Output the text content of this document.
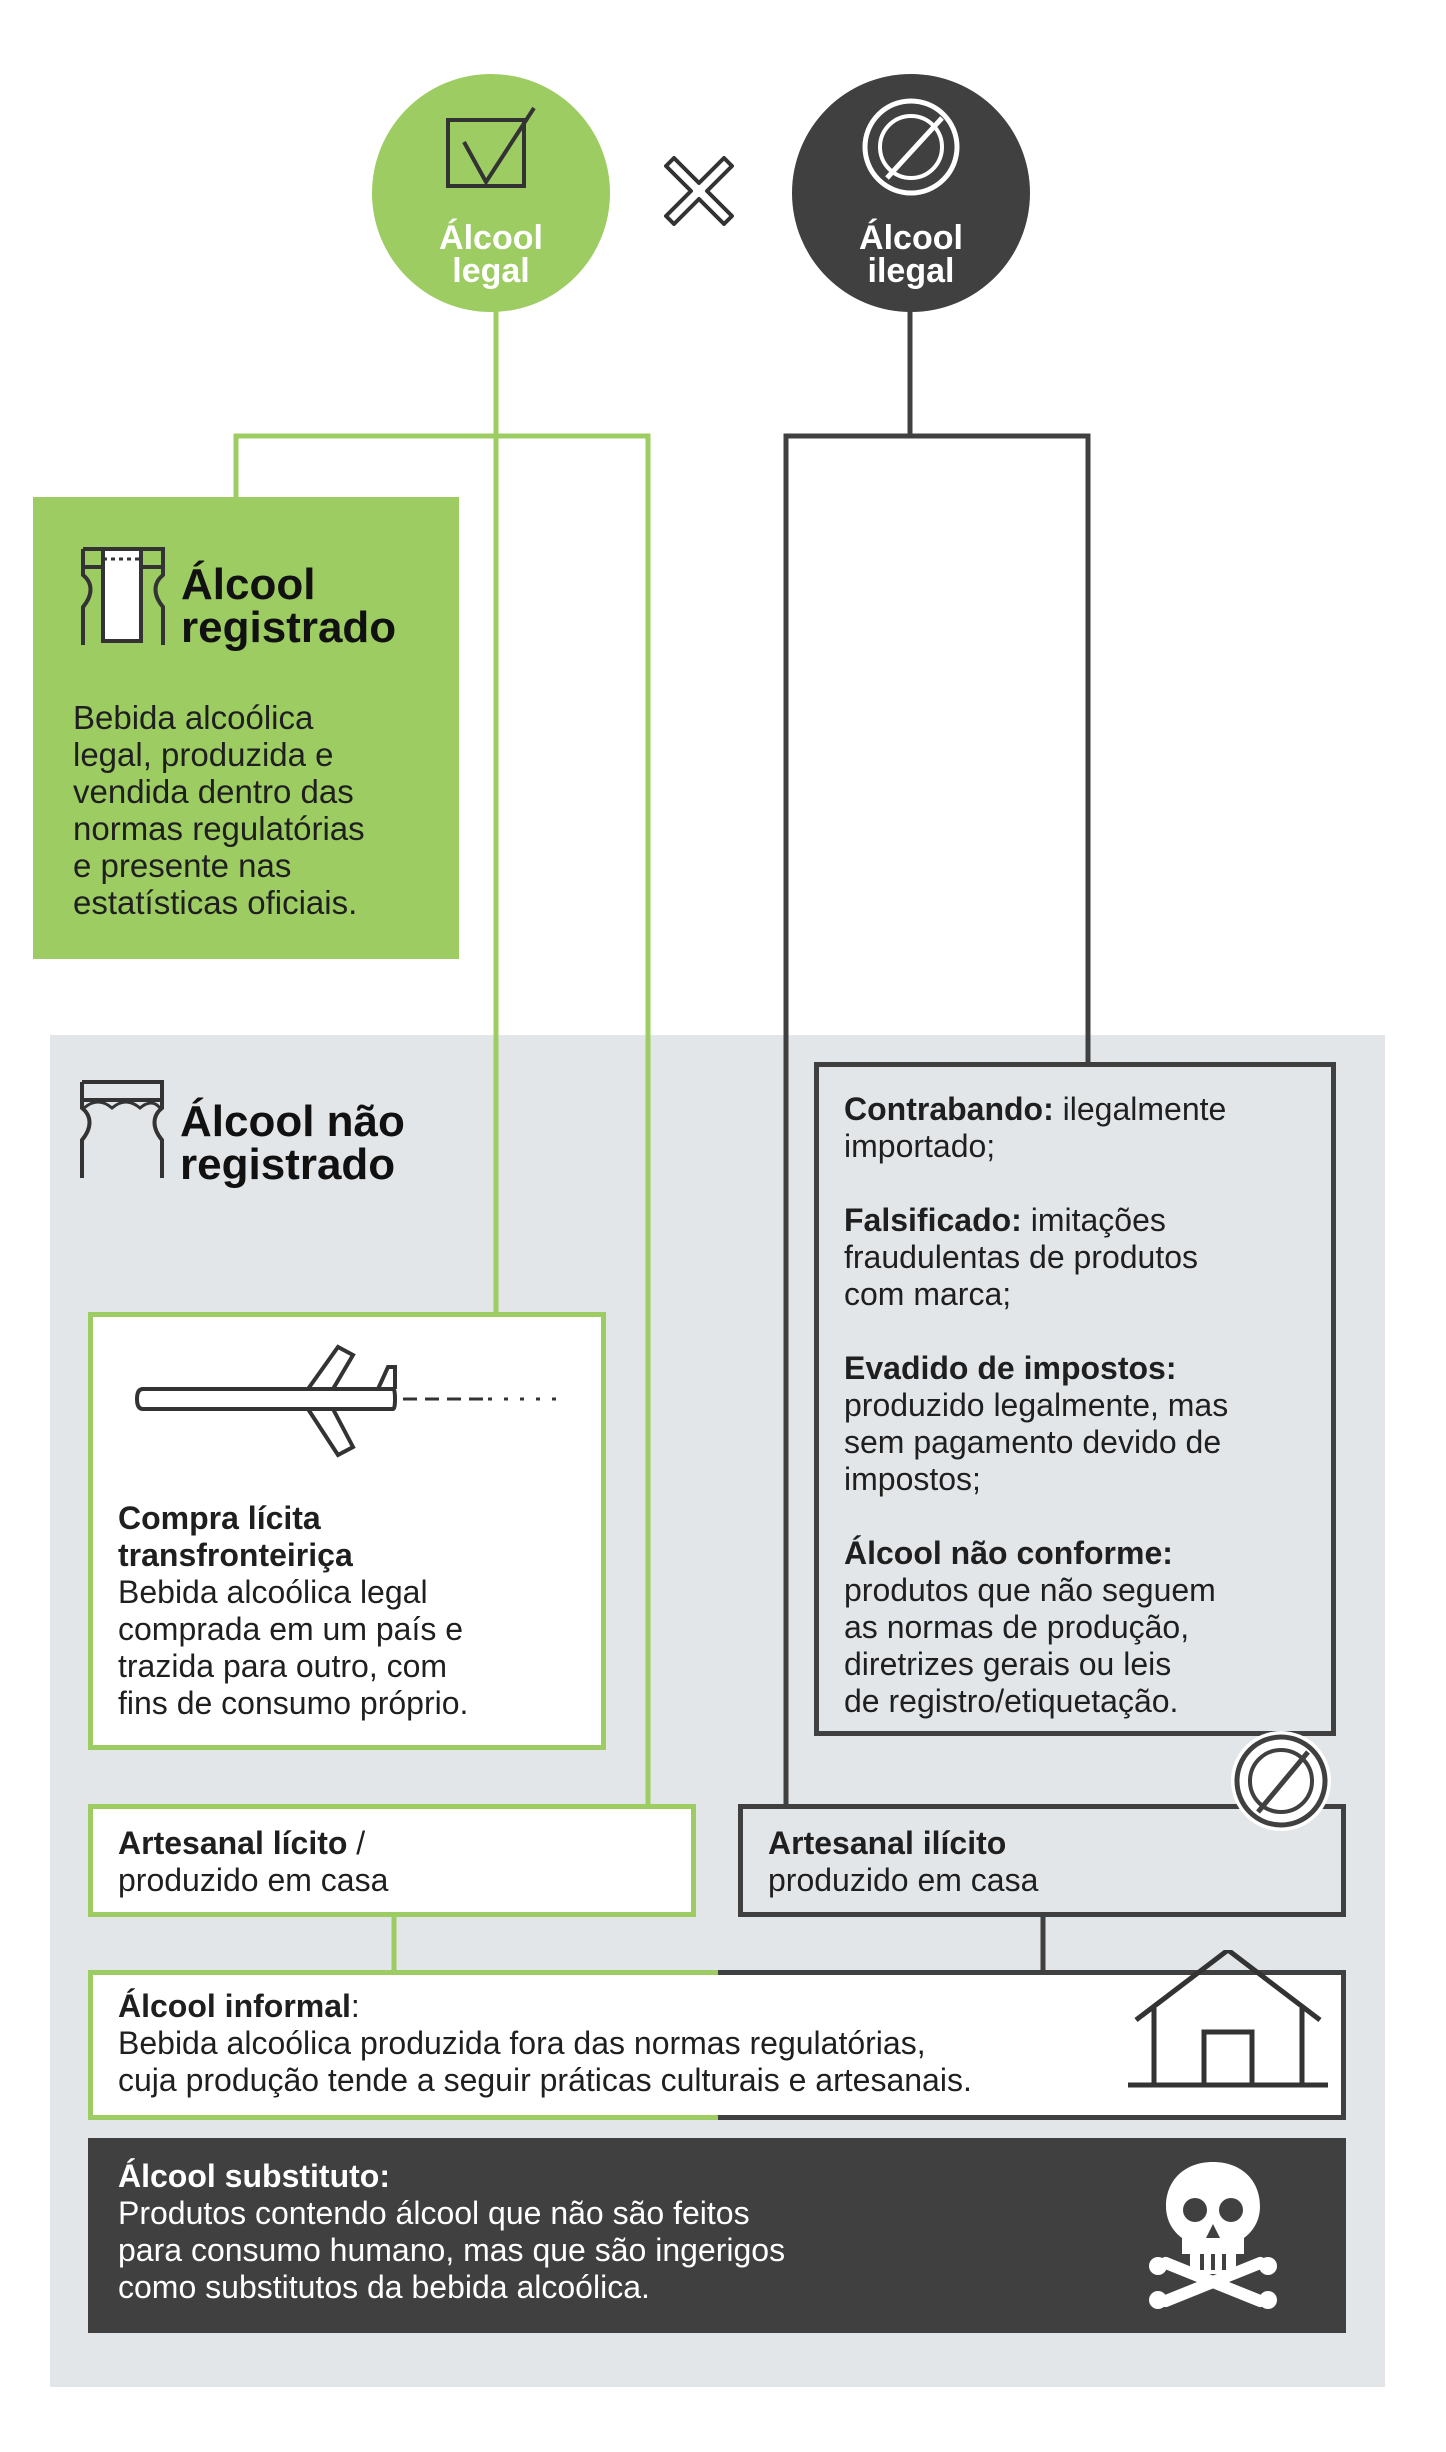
Álcool
legal
Álcool
ilegal
Álcool
registrado
Bebida alcoólica
legal, produzida e
vendida dentro das
normas regulatórias
e presente nas
estatísticas oficiais.
Álcool não
registrado
Compra lícita
transfronteiriça
Bebida alcoólica legal
comprada em um país e
trazida para outro, com
fins de consumo próprio.
Contrabando: ilegalmente
importado;
Falsificado: imitações
fraudulentas de produtos
com marca;
Evadido de impostos:
produzido legalmente, mas
sem pagamento devido de
impostos;
Álcool não conforme:
produtos que não seguem
as normas de produção,
diretrizes gerais ou leis
de registro/etiquetação.
Artesanal lícito /
produzido em casa
Artesanal ilícito
produzido em casa
Álcool informal:
Bebida alcoólica produzida fora das normas regulatórias,
cuja produção tende a seguir práticas culturais e artesanais.
Álcool substituto:
Produtos contendo álcool que não são feitos
para consumo humano, mas que são ingerigos
como substitutos da bebida alcoólica.
